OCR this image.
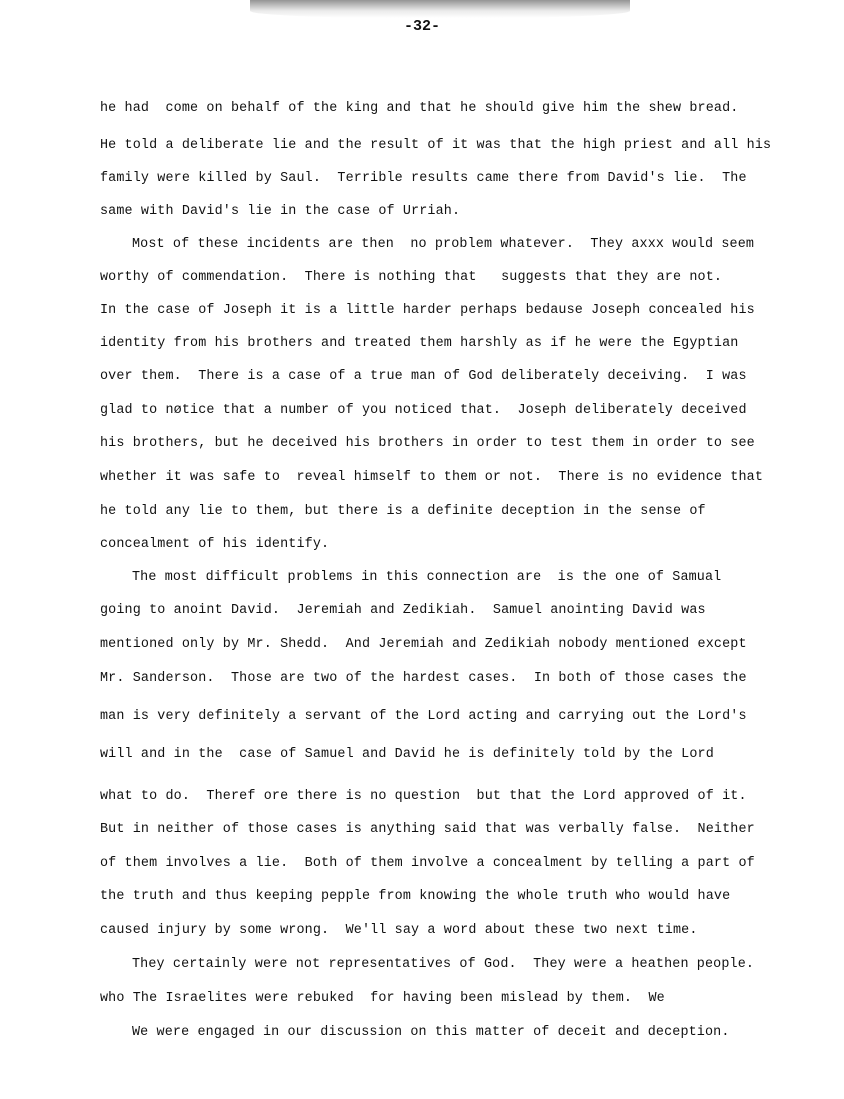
-32-
he had  come on behalf of the king and that he should give him the shew bread.
He told a deliberate lie and the result of it was that the high priest and all his
family were killed by Saul.  Terrible results came there from David's lie.  The
same with David's lie in the case of Urriah.
Most of these incidents are then  no problem whatever.  They axxx would seem
worthy of commendation.  There is nothing that   suggests that they are not.
In the case of Joseph it is a little harder perhaps bedause Joseph concealed his
identity from his brothers and treated them harshly as if he were the Egyptian
over them.  There is a case of a true man of God deliberately deceiving.  I was
glad to nøtice that a number of you noticed that.  Joseph deliberately deceived
his brothers, but he deceived his brothers in order to test them in order to see
whether it was safe to  reveal himself to them or not.  There is no evidence that
he told any lie to them, but there is a definite deception in the sense of
concealment of his identify.
The most difficult problems in this connection are  is the one of Samual
going to anoint David.  Jeremiah and Zedikiah.  Samuel anointing David was
mentioned only by Mr. Shedd.  And Jeremiah and Zedikiah nobody mentioned except
Mr. Sanderson.  Those are two of the hardest cases.  In both of those cases the
man is very definitely a servant of the Lord acting and carrying out the Lord's
will and in the  case of Samuel and David he is definitely told by the Lord
what to do.  Theref ore there is no question  but that the Lord approved of it.
But in neither of those cases is anything said that was verbally false.  Neither
of them involves a lie.  Both of them involve a concealment by telling a part of
the truth and thus keeping pepple from knowing the whole truth who would have
caused injury by some wrong.  We'll say a word about these two next time.
They certainly were not representatives of God.  They were a heathen people.
who The Israelites were rebuked  for having been mislead by them.  We
We were engaged in our discussion on this matter of deceit and deception.
